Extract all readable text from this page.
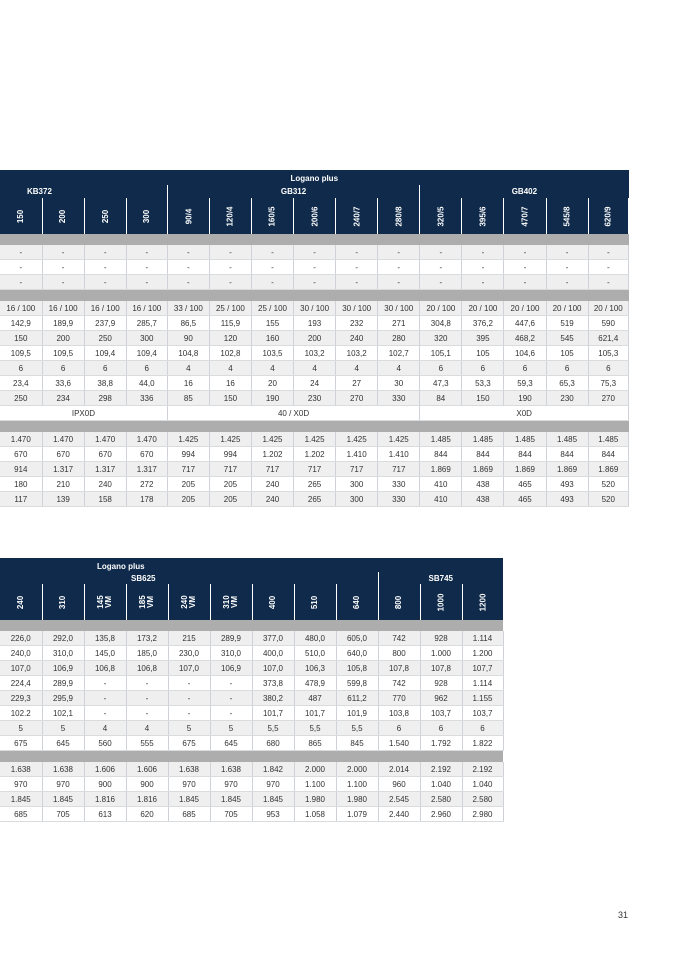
Logano plus														
KB372				GB312						GB402				
150	200	250	300	90/4	120/4	160/5	200/6	240/7	280/8	320/5	395/6	470/7	545/8	620/9

-	-	-	-	-	-	-	-	-	-	-	-	-	-	-
-	-	-	-	-	-	-	-	-	-	-	-	-	-	-
-	-	-	-	-	-	-	-	-	-	-	-	-	-	-

16 / 100	16 / 100	16 / 100	16 / 100	33 / 100	25 / 100	25 / 100	30 / 100	30 / 100	30 / 100	20 / 100	20 / 100	20 / 100	20 / 100	20 / 100
142,9	189,9	237,9	285,7	86,5	115,9	155	193	232	271	304,8	376,2	447,6	519	590
150	200	250	300	90	120	160	200	240	280	320	395	468,2	545	621,4
109,5	109,5	109,4	109,4	104,8	102,8	103,5	103,2	103,2	102,7	105,1	105	104,6	105	105,3
6	6	6	6	4	4	4	4	4	4	6	6	6	6	6
23,4	33,6	38,8	44,0	16	16	20	24	27	30	47,3	53,3	59,3	65,3	75,3
250	234	298	336	85	150	190	230	270	330	84	150	190	230	270
IPX0D				40 / X0D						X0D				

1.470	1.470	1.470	1.470	1.425	1.425	1.425	1.425	1.425	1.425	1.485	1.485	1.485	1.485	1.485
670	670	670	670	994	994	1.202	1.202	1.410	1.410	844	844	844	844	844
914	1.317	1.317	1.317	717	717	717	717	717	717	1.869	1.869	1.869	1.869	1.869
180	210	240	272	205	205	240	265	300	330	410	438	465	493	520
117	139	158	178	205	205	240	265	300	330	410	438	465	493	520
Logano plus											
SB625									SB745		
240	310	145 VM	185 VM	240 VM	310 VM	400	510	640	800	1000	1200

226,0	292,0	135,8	173,2	215	289,9	377,0	480,0	605,0	742	928	1.114
240,0	310,0	145,0	185,0	230,0	310,0	400,0	510,0	640,0	800	1.000	1.200
107,0	106,9	106,8	106,8	107,0	106,9	107,0	106,3	105,8	107,8	107,8	107,7
224,4	289,9	-	-	-	-	373,8	478,9	599,8	742	928	1.114
229,3	295,9	-	-	-	-	380,2	487	611,2	770	962	1.155
102.2	102,1	-	-	-	-	101,7	101,7	101,9	103,8	103,7	103,7
5	5	4	4	5	5	5,5	5,5	5,5	6	6	6
675	645	560	555	675	645	680	865	845	1.540	1.792	1.822

1.638	1.638	1.606	1.606	1.638	1.638	1.842	2.000	2.000	2.014	2.192	2.192
970	970	900	900	970	970	970	1.100	1.100	960	1.040	1.040
1.845	1.845	1.816	1.816	1.845	1.845	1.845	1.980	1.980	2.545	2.580	2.580
685	705	613	620	685	705	953	1.058	1.079	2.440	2.960	2.980
31
